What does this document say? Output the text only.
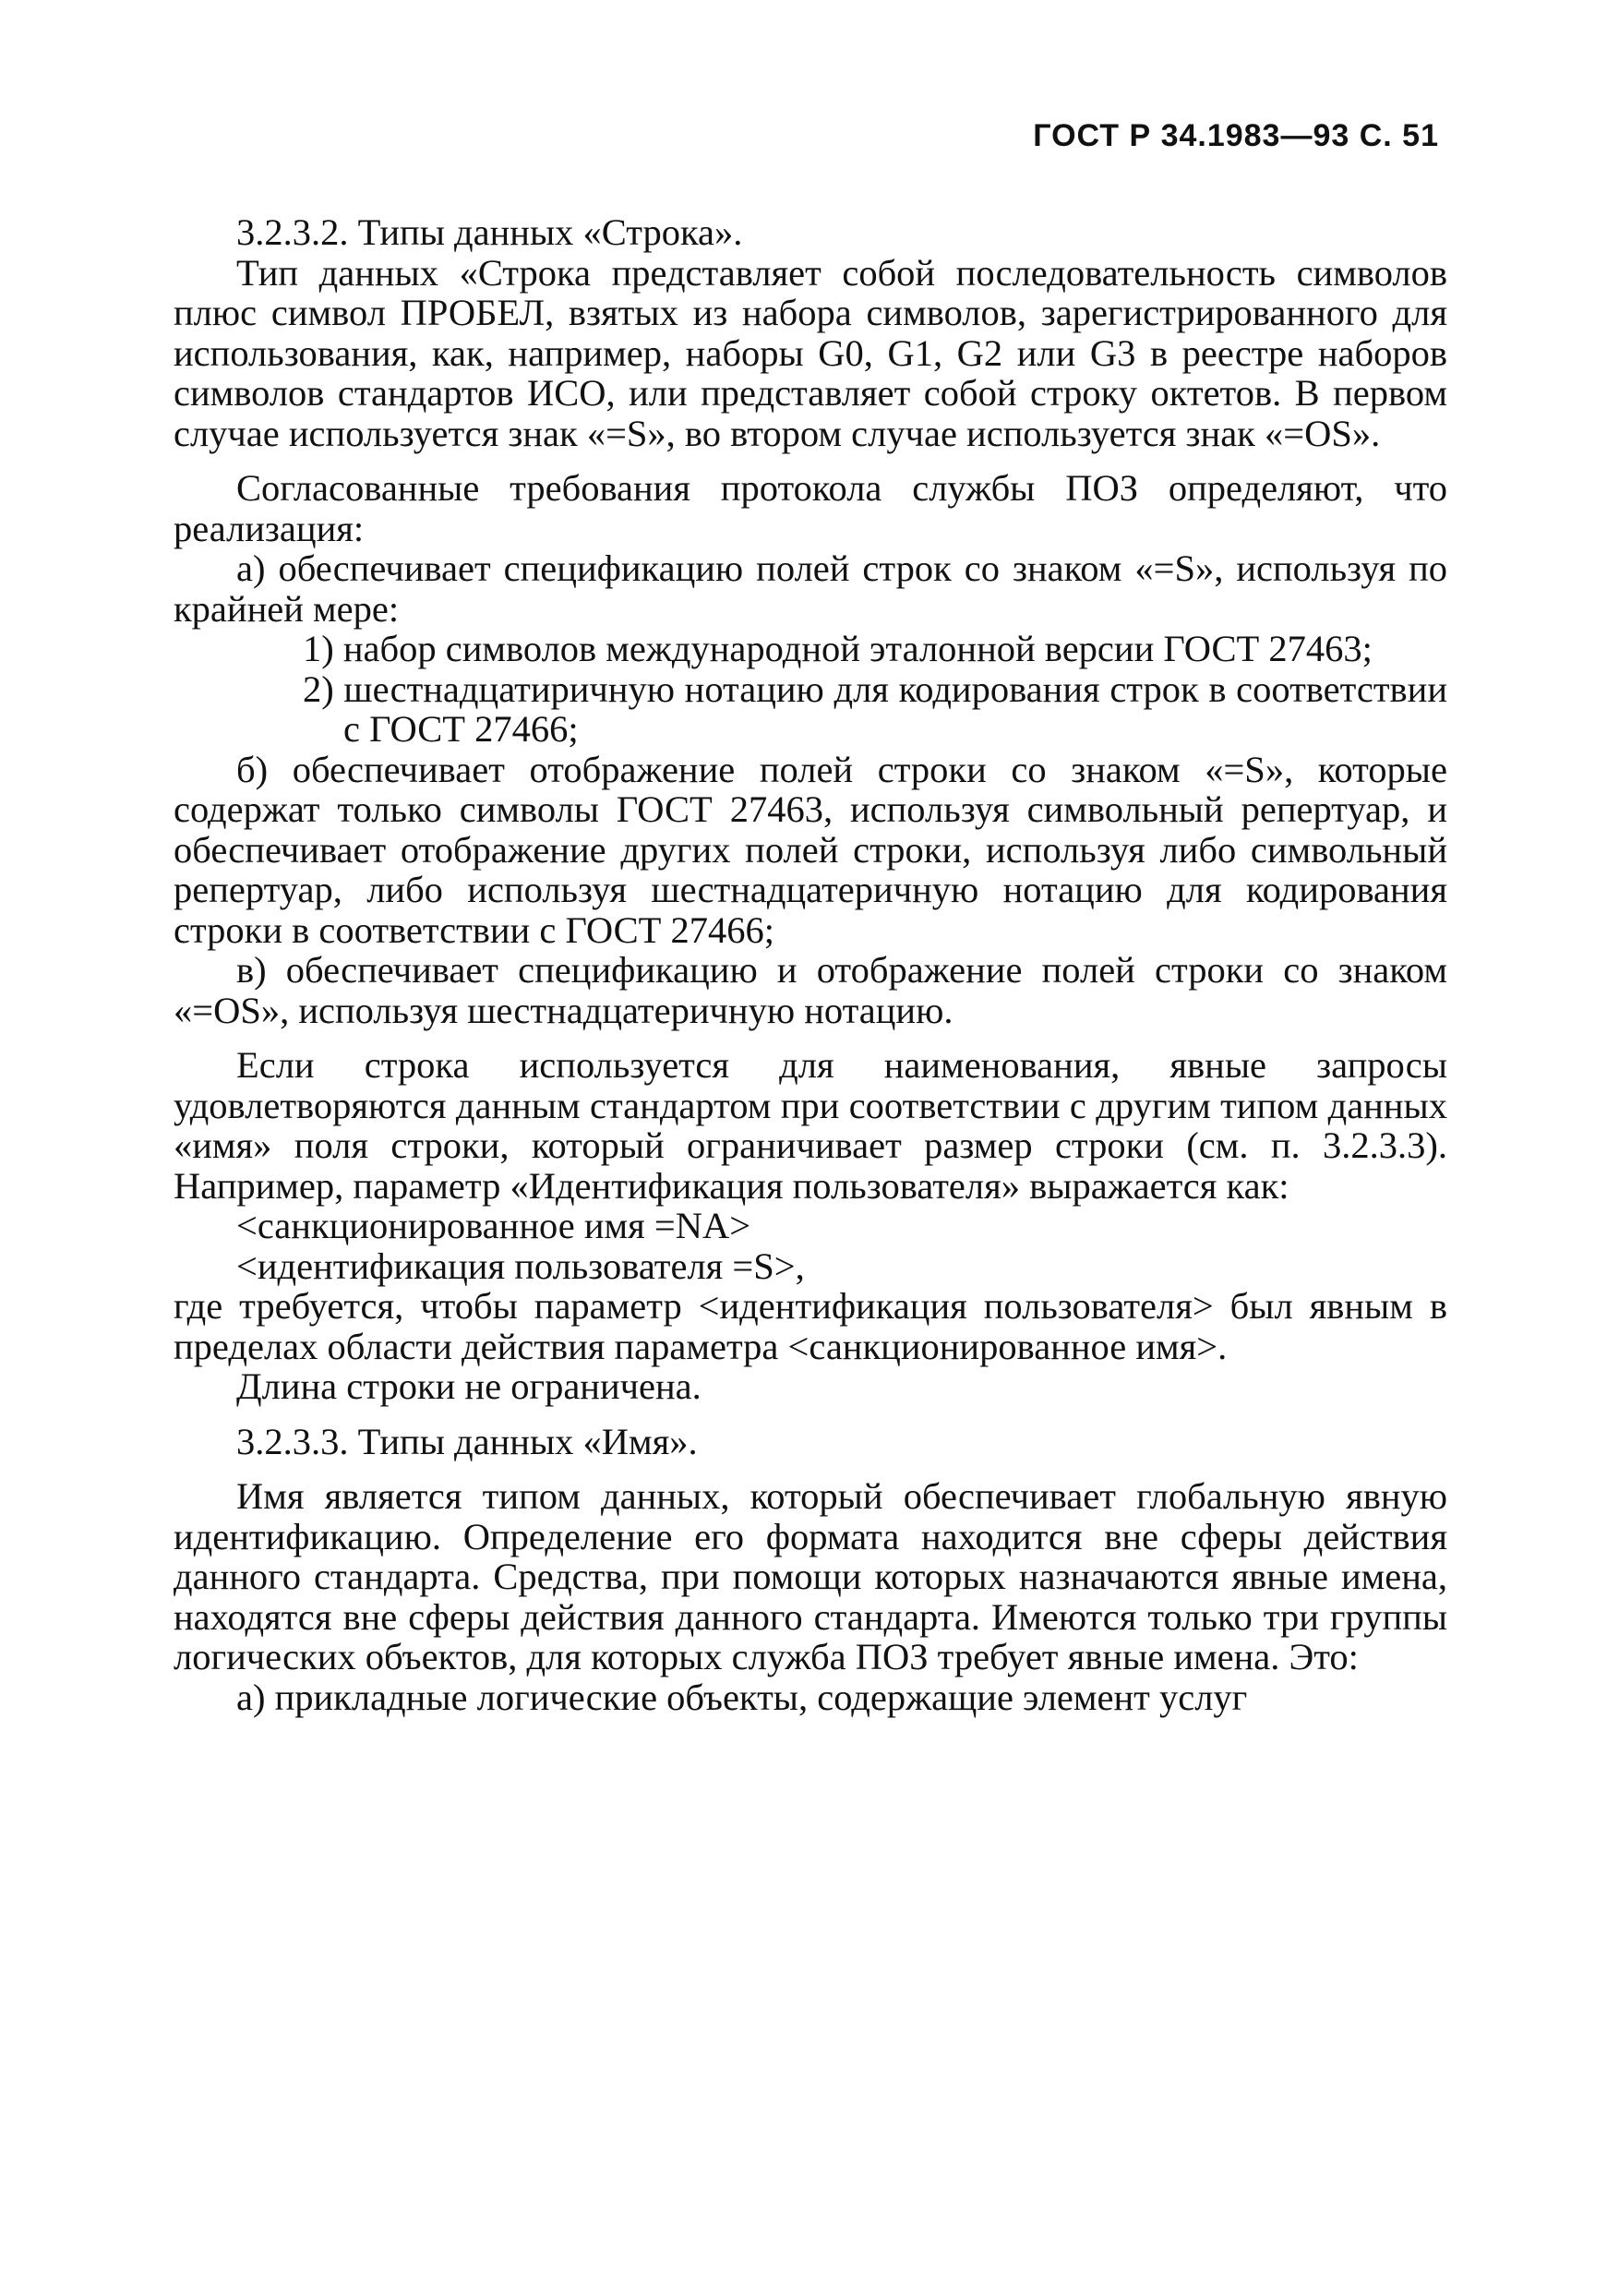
ГОСТ Р 34.1983—93 С. 51

3.2.3.2. Типы данных «Строка».

Тип данных «Строка представляет собой последовательность символов плюс символ ПРОБЕЛ, взятых из набора символов, зарегистрированного для использования, как, например, наборы G0, G1, G2 или G3 в реестре наборов символов стандартов ИСО, или представляет собой строку октетов. В первом случае используется знак «=S», во втором случае используется знак «=OS».

Согласованные требования протокола службы ПОЗ определяют, что реализация:

а) обеспечивает спецификацию полей строк со знаком «=S», используя по крайней мере:

1) набор символов международной эталонной версии ГОСТ 27463;

2) шестнадцатиричную нотацию для кодирования строк в соответствии с ГОСТ 27466;

б) обеспечивает отображение полей строки со знаком «=S», которые содержат только символы ГОСТ 27463, используя символьный репертуар, и обеспечивает отображение других полей строки, используя либо символьный репертуар, либо используя шестнадцатеричную нотацию для кодирования строки в соответствии с ГОСТ 27466;

в) обеспечивает спецификацию и отображение полей строки со знаком «=OS», используя шестнадцатеричную нотацию.

Если строка используется для наименования, явные запросы удовлетворяются данным стандартом при соответствии с другим типом данных «имя» поля строки, который ограничивает размер строки (см. п. 3.2.3.3). Например, параметр «Идентификация пользователя» выражается как:

<санкционированное имя =NA>

<идентификация пользователя =S>,

где требуется, чтобы параметр <идентификация пользователя> был явным в пределах области действия параметра <санкционированное имя>.

Длина строки не ограничена.

3.2.3.3. Типы данных «Имя».

Имя является типом данных, который обеспечивает глобальную явную идентификацию. Определение его формата находится вне сферы действия данного стандарта. Средства, при помощи которых назначаются явные имена, находятся вне сферы действия данного стандарта. Имеются только три группы логических объектов, для которых служба ПОЗ требует явные имена. Это:

а) прикладные логические объекты, содержащие элемент услуг
